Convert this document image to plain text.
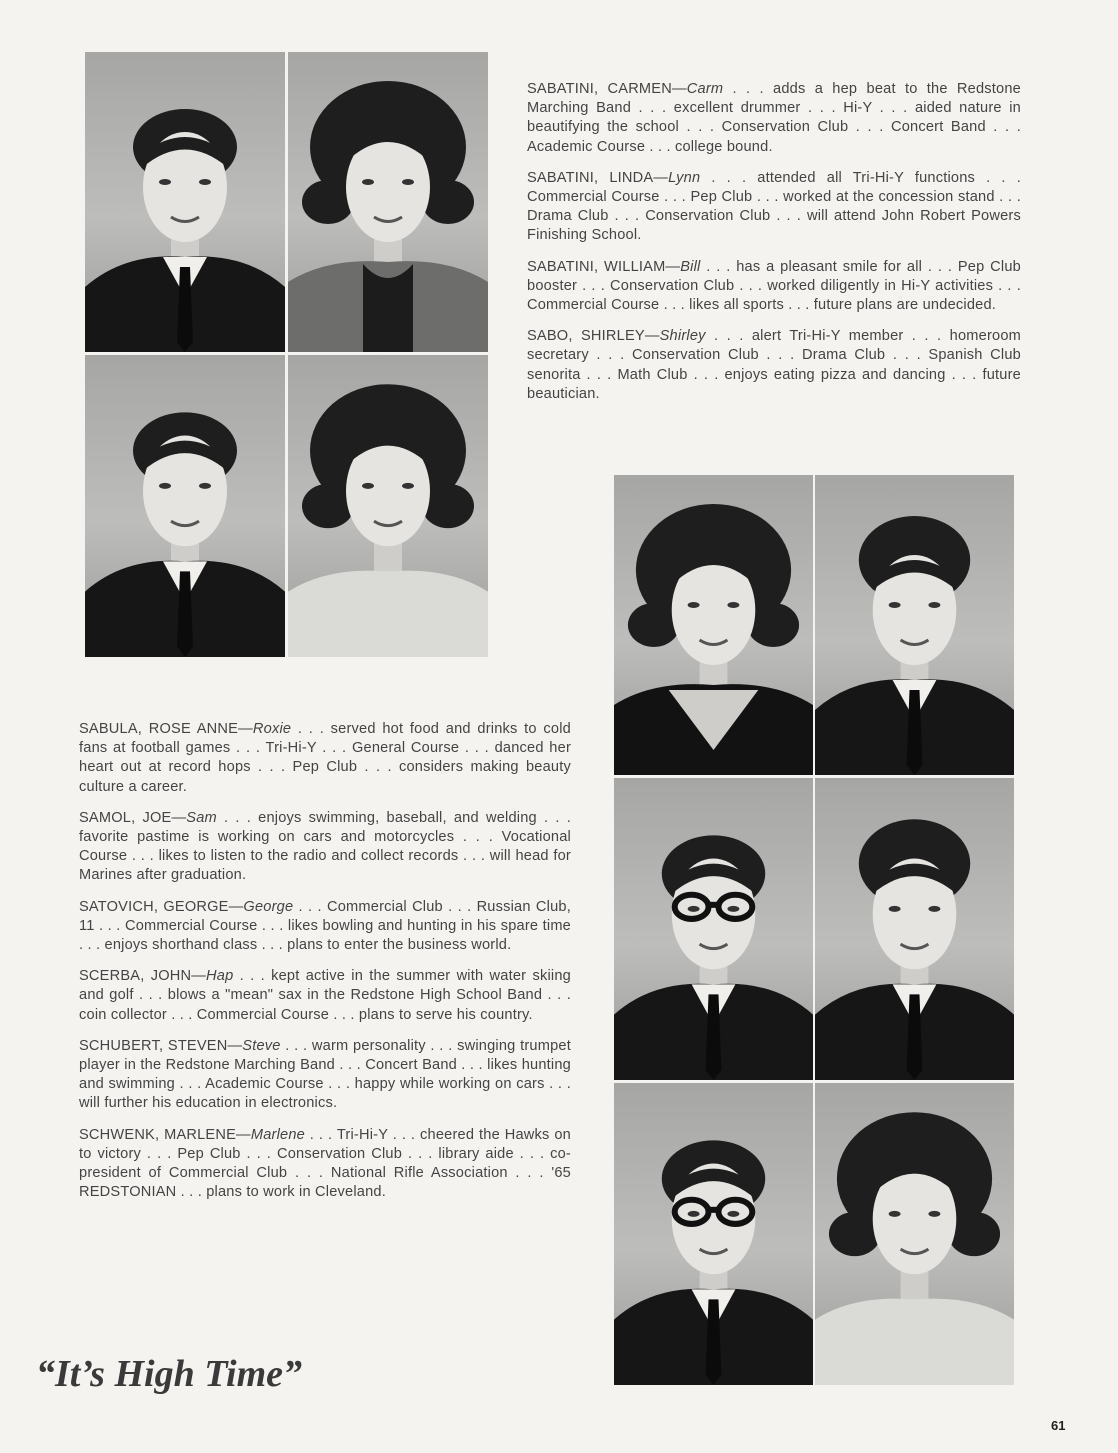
SABATINI, CARMEN—Carm . . . adds a hep beat to the Redstone Marching Band . . . excellent drummer . . . Hi-Y . . . aided nature in beautifying the school . . . Conservation Club . . . Concert Band . . . Academic Course . . . college bound.

SABATINI, LINDA—Lynn . . . attended all Tri-Hi-Y functions . . . Commercial Course . . . Pep Club . . . worked at the concession stand . . . Drama Club . . . Conservation Club . . . will attend John Robert Powers Finishing School.

SABATINI, WILLIAM—Bill . . . has a pleasant smile for all . . . Pep Club booster . . . Conservation Club . . . worked diligently in Hi-Y activities . . . Commercial Course . . . likes all sports . . . future plans are undecided.

SABO, SHIRLEY—Shirley . . . alert Tri-Hi-Y member . . . homeroom secretary . . . Conservation Club . . . Drama Club . . . Spanish Club senorita . . . Math Club . . . enjoys eating pizza and dancing . . . future beautician.

SABULA, ROSE ANNE—Roxie . . . served hot food and drinks to cold fans at football games . . . Tri-Hi-Y . . . General Course . . . danced her heart out at record hops . . . Pep Club . . . considers making beauty culture a career.

SAMOL, JOE—Sam . . . enjoys swimming, baseball, and welding . . . favorite pastime is working on cars and motorcycles . . . Vocational Course . . . likes to listen to the radio and collect records . . . will head for Marines after graduation.

SATOVICH, GEORGE—George . . . Commercial Club . . . Russian Club, 11 . . . Commercial Course . . . likes bowling and hunting in his spare time . . . enjoys shorthand class . . . plans to enter the business world.

SCERBA, JOHN—Hap . . . kept active in the summer with water skiing and golf . . . blows a "mean" sax in the Redstone High School Band . . . coin collector . . . Commercial Course . . . plans to serve his country.

SCHUBERT, STEVEN—Steve . . . warm personality . . . swinging trumpet player in the Redstone Marching Band . . . Concert Band . . . likes hunting and swimming . . . Academic Course . . . happy while working on cars . . . will further his education in electronics.

SCHWENK, MARLENE—Marlene . . . Tri-Hi-Y . . . cheered the Hawks on to victory . . . Pep Club . . . Conservation Club . . . library aide . . . co-president of Commercial Club . . . National Rifle Association . . . '65 REDSTONIAN . . . plans to work in Cleveland.

“It’s High Time”
61
